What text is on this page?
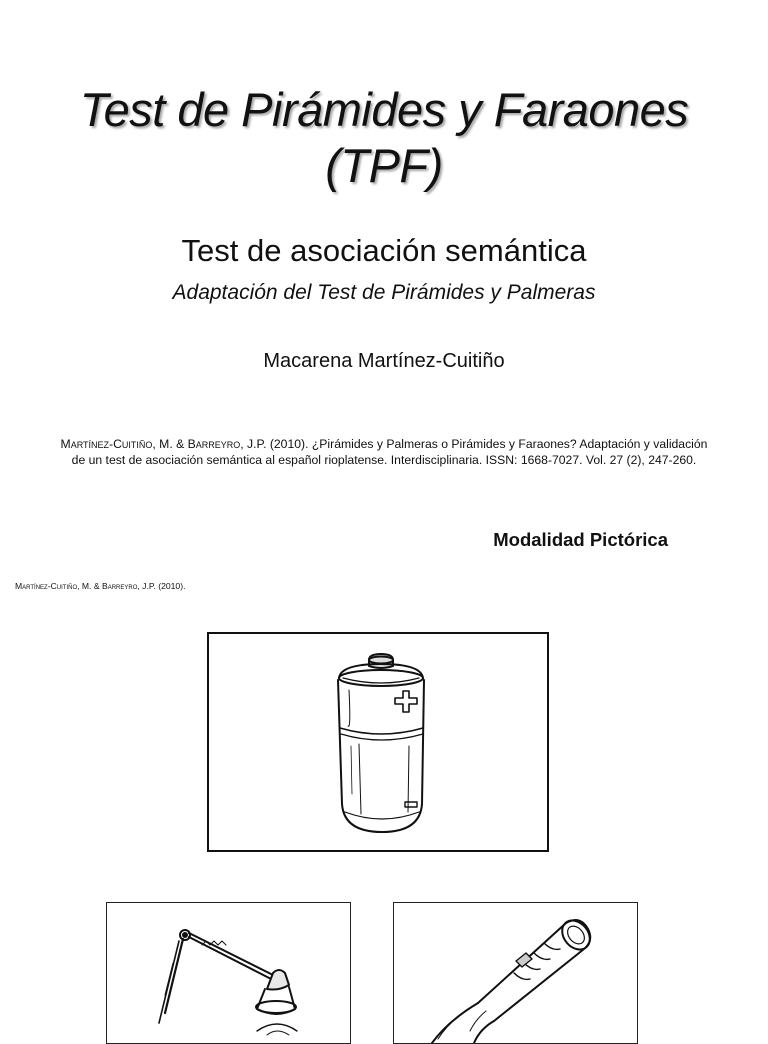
Test de Pirámides y Faraones
(TPF)
Test de asociación semántica
Adaptación del Test de Pirámides y Palmeras
Macarena Martínez-Cuitiño
Martínez-Cuitiño, M. & Barreyro, J.P. (2010). ¿Pirámides y Palmeras o Pirámides y Faraones? Adaptación y validación de un test de asociación semántica al español rioplatense. Interdisciplinaria. ISSN: 1668-7027. Vol. 27 (2), 247-260.
Modalidad Pictórica
Martínez-Cuitiño, M. & Barreyro, J.P. (2010).
